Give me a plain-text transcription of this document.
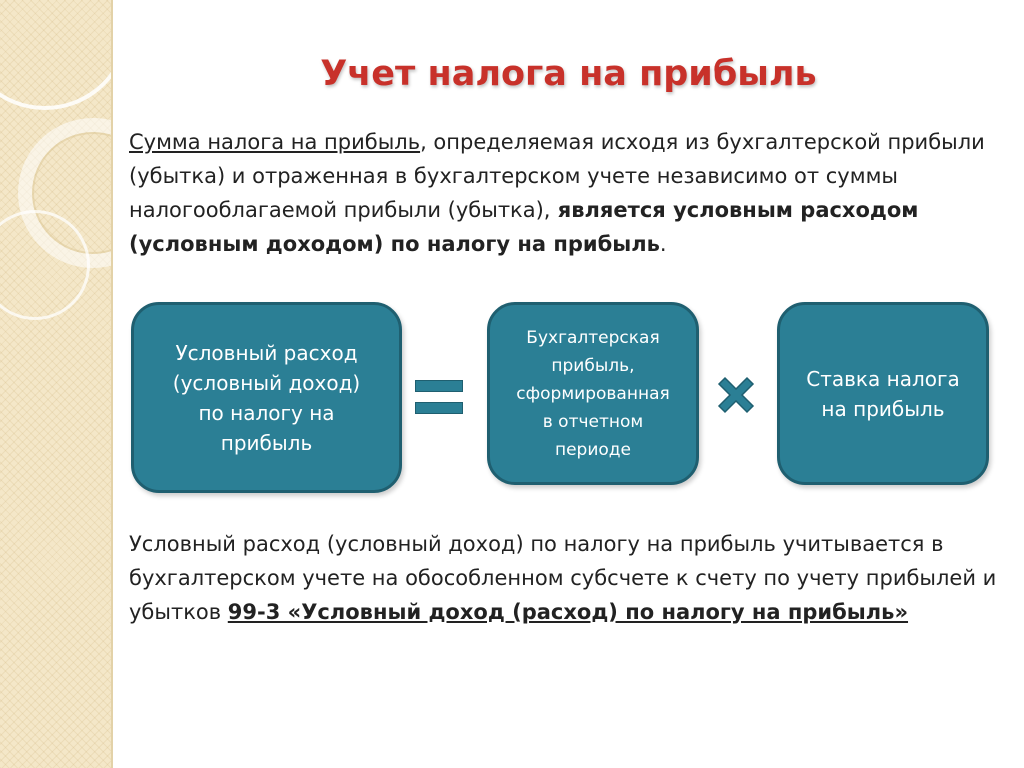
Учет налога на прибыль

Сумма налога на прибыль, определяемая исходя из бухгалтерской прибыли (убытка) и отраженная в бухгалтерском учете независимо от суммы налогооблагаемой прибыли (убытка), является условным расходом (условным доходом) по налогу на прибыль.

Условный расход
(условный доход)
по налогу на
прибыль
Бухгалтерская
прибыль,
сформированная
в отчетном
периоде
Ставка налога
на прибыль

Условный расход (условный доход) по налогу на прибыль учитывается в бухгалтерском учете на обособленном субсчете к счету по учету прибылей и убытков 99-3 «Условный доход (расход) по налогу на прибыль»
